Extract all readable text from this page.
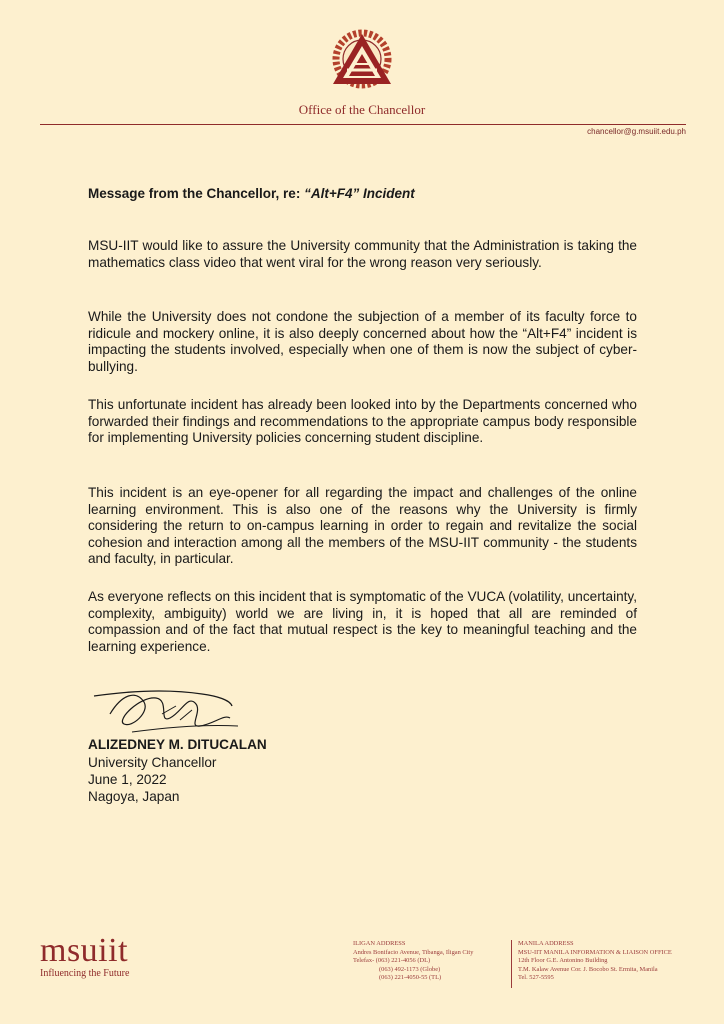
Office of the Chancellor
chancellor@g.msuiit.edu.ph
Message from the Chancellor, re: “Alt+F4” Incident
MSU-IIT would like to assure the University community that the Administration is taking the mathematics class video that went viral for the wrong reason very seriously.
While the University does not condone the subjection of a member of its faculty force to ridicule and mockery online, it is also deeply concerned about how the “Alt+F4” incident is impacting the students involved, especially when one of them is now the subject of cyber-bullying.
This unfortunate incident has already been looked into by the Departments concerned who forwarded their findings and recommendations to the appropriate campus body responsible for implementing University policies concerning student discipline.
This incident is an eye-opener for all regarding the impact and challenges of the online learning environment. This is also one of the reasons why the University is firmly considering the return to on-campus learning in order to regain and revitalize the social cohesion and interaction among all the members of the MSU-IIT community - the students and faculty, in particular.
As everyone reflects on this incident that is symptomatic of the VUCA (volatility, uncertainty, complexity, ambiguity) world we are living in, it is hoped that all are reminded of compassion and of the fact that mutual respect is the key to meaningful teaching and the learning experience.
ALIZEDNEY M. DITUCALAN
University Chancellor
June 1, 2022
Nagoya, Japan
msuiit
Influencing the Future
ILIGAN ADDRESS
Andres Bonifacio Avenue, Tibanga, Iligan City
Telefax- (063) 221-4056 (DL)
(063) 492-1173 (Globe)
(063) 221-4050-55 (TL)
MANILA ADDRESS
MSU-IIT MANILA INFORMATION & LIAISON OFFICE
12th Floor G.E. Antonino Building
T.M. Kalaw Avenue Cor. J. Bocobo St. Ermita, Manila
Tel. 527-5595
